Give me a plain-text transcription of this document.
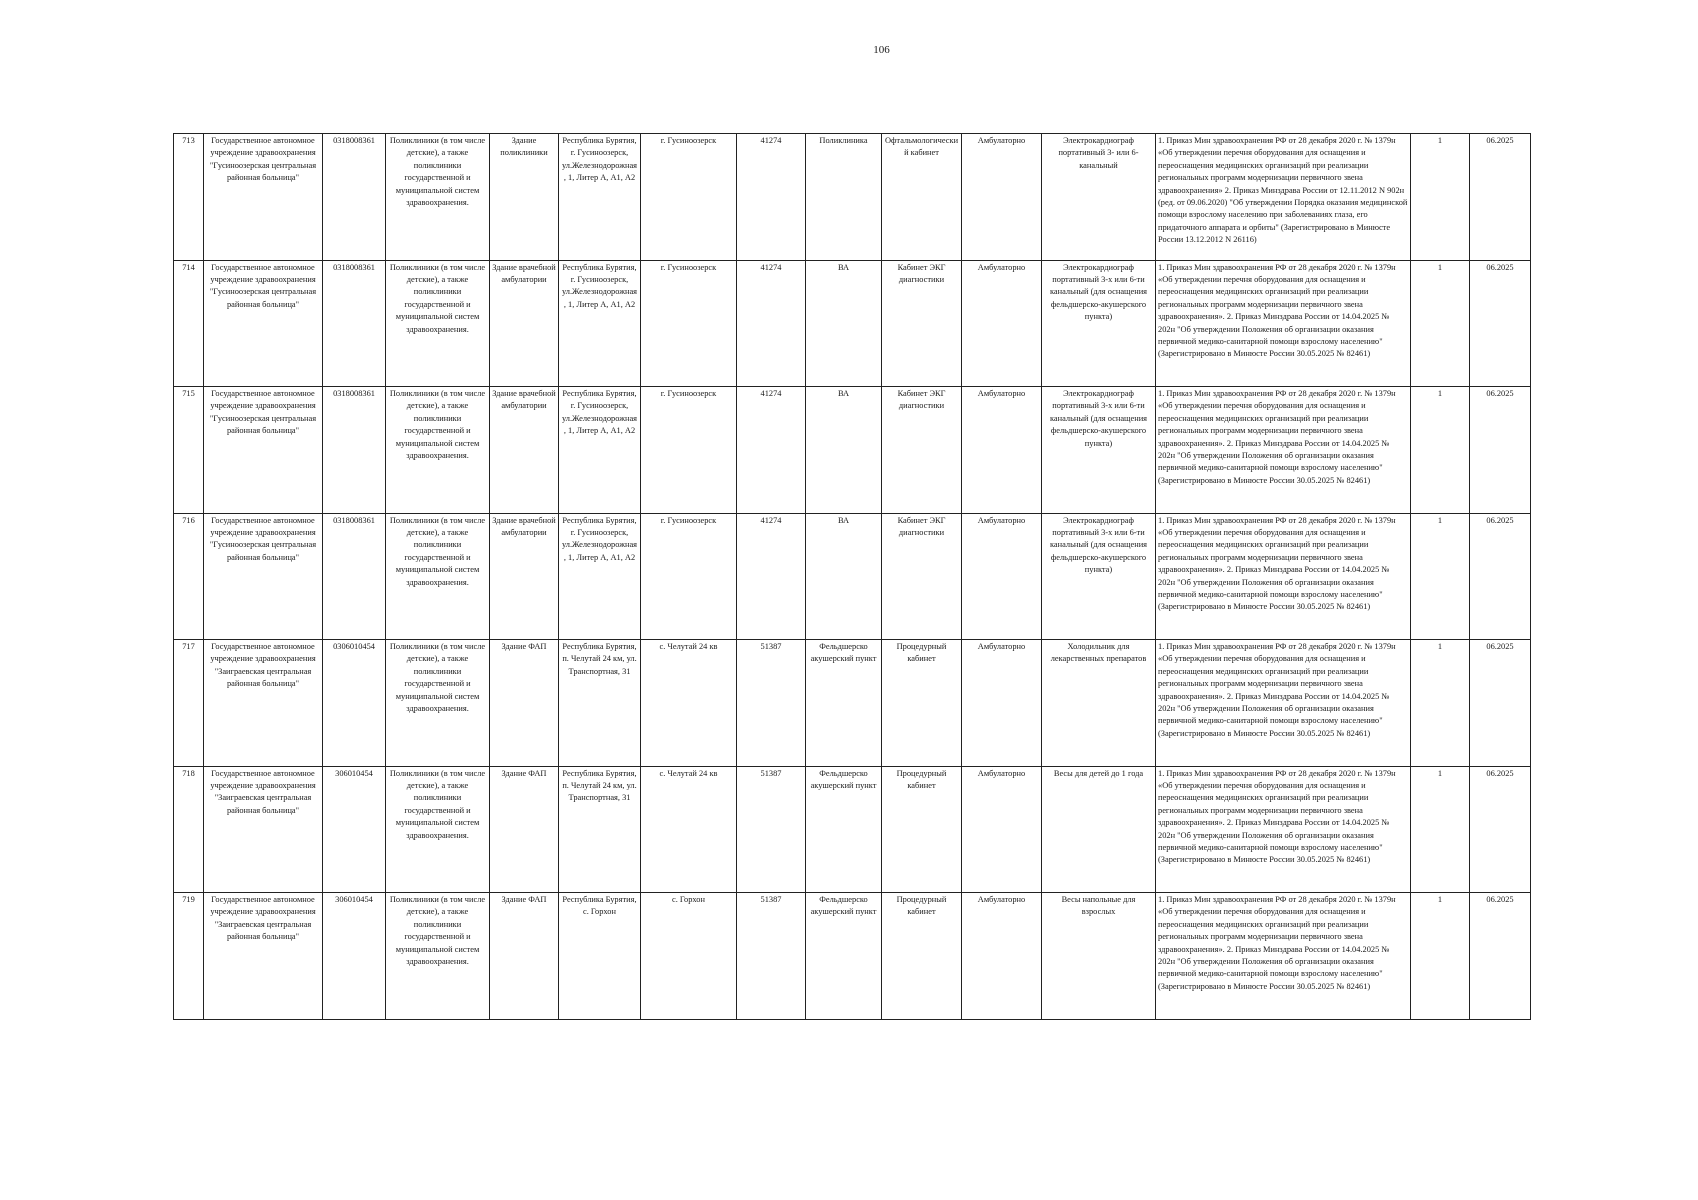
106
713	Государственное автономное учреждение здравоохранения "Гусиноозерская центральная районная больница"	0318008361	Поликлиники (в том числе детские), а также поликлиники государственной и муниципальной систем здравоохранения.	Здание поликлиники	Республика Бурятия, г. Гусиноозерск, ул.Железнодорожная, 1, Литер А, А1, А2	г. Гусиноозерск	41274	Поликлиника	Офтальмологический кабинет	Амбулаторно	Электрокардиограф портативный 3- или 6-канальный	1. Приказ Мин здравоохранения РФ от 28 декабря 2020 г. № 1379н «Об утверждении перечня оборудования для оснащения и переоснащения медицинских организаций при реализации региональных программ модернизации первичного звена здравоохранения» 2. Приказ Минздрава России от 12.11.2012 N 902н (ред. от 09.06.2020) "Об утверждении Порядка оказания медицинской помощи взрослому населению при заболеваниях глаза, его придаточного аппарата и орбиты" (Зарегистрировано в Минюсте России 13.12.2012 N 26116)	1	06.2025
714	Государственное автономное учреждение здравоохранения "Гусиноозерская центральная районная больница"	0318008361	Поликлиники (в том числе детские), а также поликлиники государственной и муниципальной систем здравоохранения.	Здание врачебной амбулатории	Республика Бурятия, г. Гусиноозерск, ул.Железнодорожная, 1, Литер А, А1, А2	г. Гусиноозерск	41274	ВА	Кабинет ЭКГ диагностики	Амбулаторно	Электрокардиограф портативный 3-х или 6-ти канальный (для оснащения фельдшерско-акушерского пункта)	1. Приказ Мин здравоохранения РФ от 28 декабря 2020 г. № 1379н «Об утверждении перечня оборудования для оснащения и переоснащения медицинских организаций при реализации региональных программ модернизации первичного звена здравоохранения». 2. Приказ Минздрава России от 14.04.2025 № 202н "Об утверждении Положения об организации оказания первичной медико-санитарной помощи взрослому населению" (Зарегистрировано в Минюсте России 30.05.2025 № 82461)	1	06.2025
715	Государственное автономное учреждение здравоохранения "Гусиноозерская центральная районная больница"	0318008361	Поликлиники (в том числе детские), а также поликлиники государственной и муниципальной систем здравоохранения.	Здание врачебной амбулатории	Республика Бурятия, г. Гусиноозерск, ул.Железнодорожная, 1, Литер А, А1, А2	г. Гусиноозерск	41274	ВА	Кабинет ЭКГ диагностики	Амбулаторно	Электрокардиограф портативный 3-х или 6-ти канальный (для оснащения фельдшерско-акушерского пункта)	1. Приказ Мин здравоохранения РФ от 28 декабря 2020 г. № 1379н «Об утверждении перечня оборудования для оснащения и переоснащения медицинских организаций при реализации региональных программ модернизации первичного звена здравоохранения». 2. Приказ Минздрава России от 14.04.2025 № 202н "Об утверждении Положения об организации оказания первичной медико-санитарной помощи взрослому населению" (Зарегистрировано в Минюсте России 30.05.2025 № 82461)	1	06.2025
716	Государственное автономное учреждение здравоохранения "Гусиноозерская центральная районная больница"	0318008361	Поликлиники (в том числе детские), а также поликлиники государственной и муниципальной систем здравоохранения.	Здание врачебной амбулатории	Республика Бурятия, г. Гусиноозерск, ул.Железнодорожная, 1, Литер А, А1, А2	г. Гусиноозерск	41274	ВА	Кабинет ЭКГ диагностики	Амбулаторно	Электрокардиограф портативный 3-х или 6-ти канальный (для оснащения фельдшерско-акушерского пункта)	1. Приказ Мин здравоохранения РФ от 28 декабря 2020 г. № 1379н «Об утверждении перечня оборудования для оснащения и переоснащения медицинских организаций при реализации региональных программ модернизации первичного звена здравоохранения». 2. Приказ Минздрава России от 14.04.2025 № 202н "Об утверждении Положения об организации оказания первичной медико-санитарной помощи взрослому населению" (Зарегистрировано в Минюсте России 30.05.2025 № 82461)	1	06.2025
717	Государственное автономное учреждение здравоохранения "Заиграевская центральная районная больница"	0306010454	Поликлиники (в том числе детские), а также поликлиники государственной и муниципальной систем здравоохранения.	Здание ФАП	Республика Бурятия, п. Челутай 24 км, ул. Транспортная, 31	с. Челутай 24 кв	51387	Фельдшерско акушерский пункт	Процедурный кабинет	Амбулаторно	Холодильник для лекарственных препаратов	1. Приказ Мин здравоохранения РФ от 28 декабря 2020 г. № 1379н «Об утверждении перечня оборудования для оснащения и переоснащения медицинских организаций при реализации региональных программ модернизации первичного звена здравоохранения». 2. Приказ Минздрава России от 14.04.2025 № 202н "Об утверждении Положения об организации оказания первичной медико-санитарной помощи взрослому населению" (Зарегистрировано в Минюсте России 30.05.2025 № 82461)	1	06.2025
718	Государственное автономное учреждение здравоохранения "Заиграевская центральная районная больница"	306010454	Поликлиники (в том числе детские), а также поликлиники государственной и муниципальной систем здравоохранения.	Здание ФАП	Республика Бурятия, п. Челутай 24 км, ул. Транспортная, 31	с. Челутай 24 кв	51387	Фельдшерско акушерский пункт	Процедурный кабинет	Амбулаторно	Весы для детей до 1 года	1. Приказ Мин здравоохранения РФ от 28 декабря 2020 г. № 1379н «Об утверждении перечня оборудования для оснащения и переоснащения медицинских организаций при реализации региональных программ модернизации первичного звена здравоохранения». 2. Приказ Минздрава России от 14.04.2025 № 202н "Об утверждении Положения об организации оказания первичной медико-санитарной помощи взрослому населению" (Зарегистрировано в Минюсте России 30.05.2025 № 82461)	1	06.2025
719	Государственное автономное учреждение здравоохранения "Заиграевская центральная районная больница"	306010454	Поликлиники (в том числе детские), а также поликлиники государственной и муниципальной систем здравоохранения.	Здание ФАП	Республика Бурятия, с. Горхон	с. Горхон	51387	Фельдшерско акушерский пункт	Процедурный кабинет	Амбулаторно	Весы напольные для взрослых	1. Приказ Мин здравоохранения РФ от 28 декабря 2020 г. № 1379н «Об утверждении перечня оборудования для оснащения и переоснащения медицинских организаций при реализации региональных программ модернизации первичного звена здравоохранения». 2. Приказ Минздрава России от 14.04.2025 № 202н "Об утверждении Положения об организации оказания первичной медико-санитарной помощи взрослому населению" (Зарегистрировано в Минюсте России 30.05.2025 № 82461)	1	06.2025
